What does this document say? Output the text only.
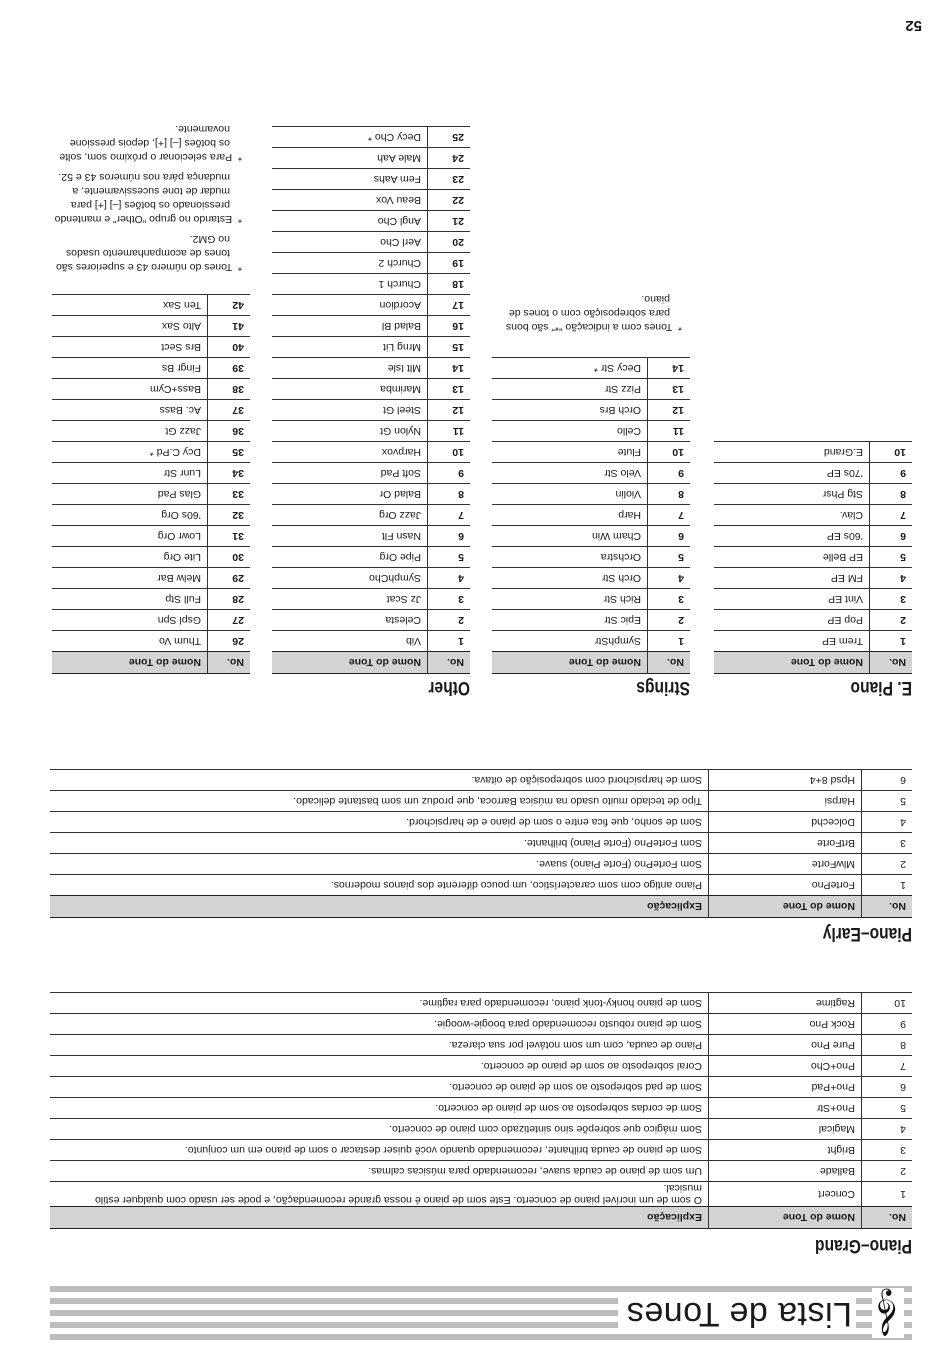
𝄞
Lista de Tones
Piano–Grand
No.	Nome do Tone	Explicação
1	Concert	O som de um incrível piano de concerto. Este som de piano é nossa grande recomendação, e pode ser usado com qualquer estilo musical.
2	Ballade	Um som de piano de cauda suave, recomendado para músicas calmas.
3	Bright	Som de piano de cauda brilhante, recomendado quando você quiser destacar o som de piano em um conjunto.
4	Magical	Som mágico que sobrepõe sino sintetizado com piano de concerto.
5	Pno+Str	Som de cordas sobreposto ao som de piano de concerto.
6	Pno+Pad	Som de pad sobreposto ao som de piano de concerto.
7	Pno+Cho	Coral sobreposto ao som de piano de concerto.
8	Pure Pno	Piano de cauda, com um som notável por sua clareza.
9	Rock Pno	Som de piano robusto recomendado para boogie-woogie.
10	Ragtime	Som de piano honky-tonk piano, recomendado para ragtime.
Piano–Early
No.	Nome do Tone	Explicação
1	FortePno	Piano antigo com som característico, um pouco diferente dos pianos modernos.
2	MlwForte	Som FortePno (Forte Piano) suave.
3	BrtForte	Som FortePno (Forte Piano) brilhante.
4	Dolcechd	Som de sonho, que fica entre o som de piano e de harpsichord.
5	Harpsi	Tipo de teclado muito usado na música Barroca, que produz um som bastante delicado.
6	Hpsd 8+4	Som de harpsichord com sobreposição de oitava.
E. Piano
No.	Nome do Tone
1	Trem EP
2	Pop EP
3	Vint EP
4	FM EP
5	EP Belle
6	’60s EP
7	Clav.
8	Stg Phsr
9	’70s EP
10	E.Grand
Strings
No.	Nome do Tone
1	SymphStr
2	Epic Str
3	Rich Str
4	Orch Str
5	Orchstra
6	Cham Win
7	Harp
8	Violin
9	Velo Str
10	Flute
11	Cello
12	Orch Brs
13	Pizz Str
14	Decy Str *

*  Tones com a indicação “*” são bons para sobreposição com o tones de piano.

Other
No.	Nome do Tone
1	Vib
2	Celesta
3	Jz Scat
4	SymphCho
5	Pipe Org
6	Nasn Flt
7	Jazz Org
8	Balad Or
9	Soft Pad
10	Harpvox
11	Nylon Gt
12	Steel Gt
13	Marimba
14	Mlt Isle
15	Mrng Lit
16	Balad Bl
17	Acordion
18	Church 1
19	Church 2
20	Aerl Cho
21	Angl Cho
22	Beau Vox
23	Fem Aahs
24	Male Aah
25	Decy Cho *
No.	Nome do Tone
26	Thum Vo
27	Gspl Spn
28	Full Stp
29	Melw Bar
30	Lite Org
31	Lowr Org
32	’60s Org
33	Glas Pad
34	Lunr Str
35	Dcy C.Pd *
36	Jazz Gt
37	Ac. Bass
38	Bass+Cym
39	Fingr Bs
40	Brs Sect
41	Alto Sax
42	Ten Sax

*  Tones do número 43 e superiores são tones de acompanhamento usados no GM2.

*  Estando no grupo “Other” e mantendo pressionado os botões [–] [+] para mudar de tone sucessivamente, a mudança pára nos números 43 e 52.

*  Para selecionar o próximo som, solte os botões [–] [+], depois pressione novamente.

52
